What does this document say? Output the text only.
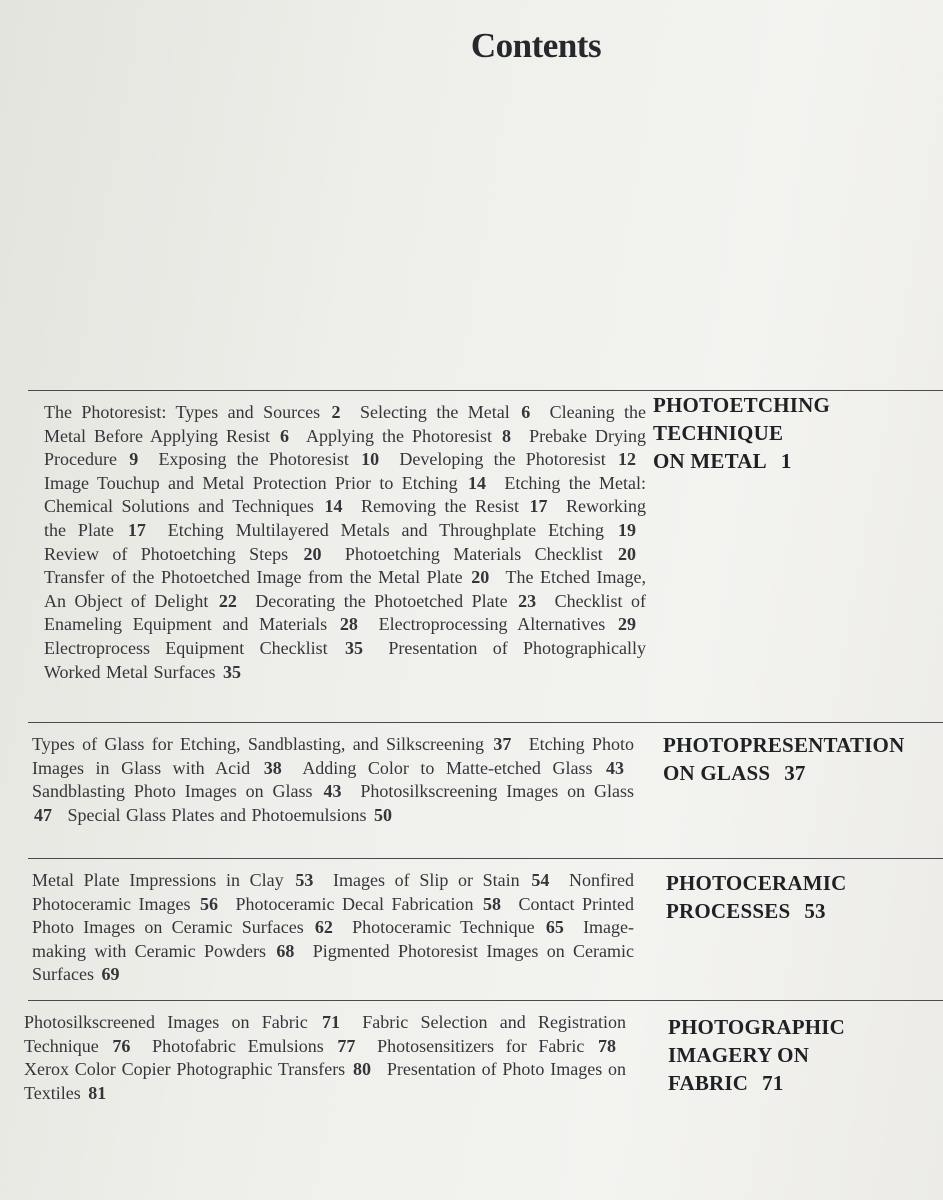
Contents
The Photoresist: Types and Sources 2 Selecting the Metal 6 Cleaning the Metal Before Applying Resist 6 Applying the Photoresist 8 Prebake Drying Procedure 9 Exposing the Photoresist 10 Developing the Photoresist 12 Image Touchup and Metal Protection Prior to Etching 14 Etching the Metal: Chemical Solutions and Techniques 14 Removing the Resist 17 Reworking the Plate 17 Etching Multilayered Metals and Throughplate Etching 19 Review of Photoetching Steps 20 Photoetching Materials Checklist 20 Transfer of the Photoetched Image from the Metal Plate 20 The Etched Image, An Object of Delight 22 Decorating the Photoetched Plate 23 Checklist of Enameling Equipment and Materials 28 Electroprocessing Alternatives 29 Electroprocess Equipment Checklist 35 Presentation of Photographically Worked Metal Surfaces 35
PHOTOETCHING
TECHNIQUE
ON METAL 1
Types of Glass for Etching, Sandblasting, and Silkscreening 37 Etching Photo Images in Glass with Acid 38 Adding Color to Matte-etched Glass 43 Sandblasting Photo Images on Glass 43 Photosilkscreening Images on Glass 47 Special Glass Plates and Photoemulsions 50
PHOTOPRESENTATION
ON GLASS 37
Metal Plate Impressions in Clay 53 Images of Slip or Stain 54 Nonfired Photoceramic Images 56 Photoceramic Decal Fabrication 58 Contact Printed Photo Images on Ceramic Surfaces 62 Photoceramic Technique 65 Image-making with Ceramic Powders 68 Pigmented Photoresist Images on Ceramic Surfaces 69
PHOTOCERAMIC
PROCESSES 53
Photosilkscreened Images on Fabric 71 Fabric Selection and Registration Technique 76 Photofabric Emulsions 77 Photosensitizers for Fabric 78 Xerox Color Copier Photographic Transfers 80 Presentation of Photo Images on Textiles 81
PHOTOGRAPHIC
IMAGERY ON
FABRIC 71
